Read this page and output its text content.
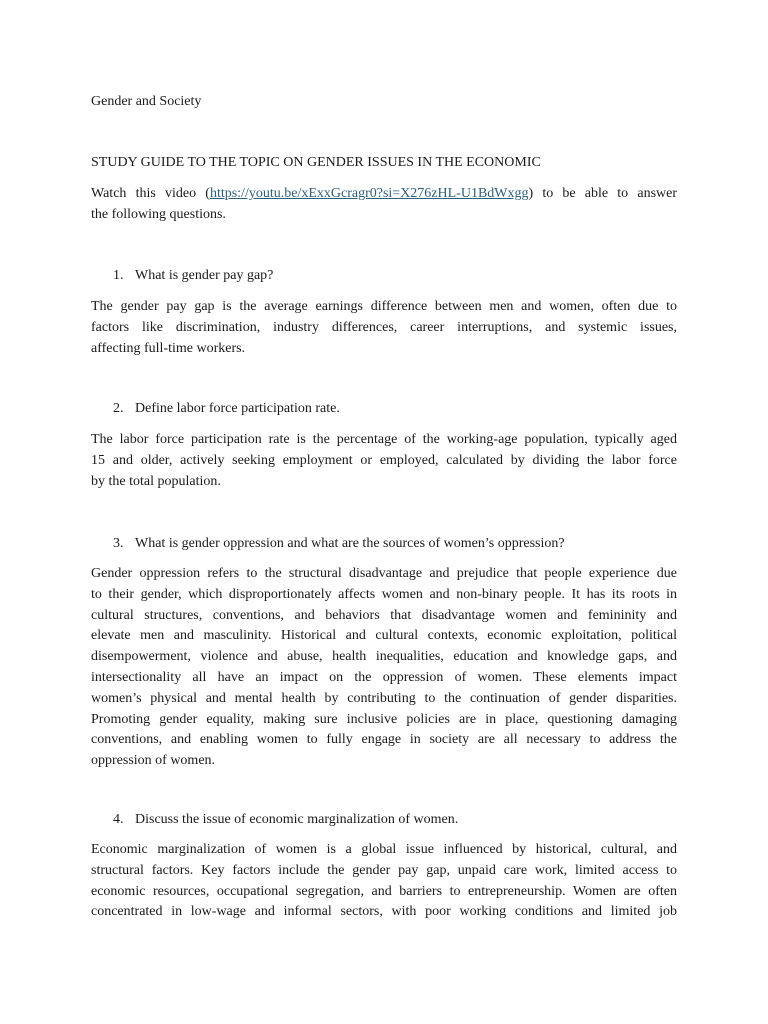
Gender and Society
STUDY GUIDE TO THE TOPIC ON GENDER ISSUES IN THE ECONOMIC
Watch this video (https://youtu.be/xExxGcragr0?si=X276zHL-U1BdWxgg) to be able to answer
the following questions.
1. What is gender pay gap?
The gender pay gap is the average earnings difference between men and women, often due to
factors like discrimination, industry differences, career interruptions, and systemic issues,
affecting full-time workers.
2. Define labor force participation rate.
The labor force participation rate is the percentage of the working-age population, typically aged
15 and older, actively seeking employment or employed, calculated by dividing the labor force
by the total population.
3. What is gender oppression and what are the sources of women’s oppression?
Gender oppression refers to the structural disadvantage and prejudice that people experience due
to their gender, which disproportionately affects women and non-binary people. It has its roots in
cultural structures, conventions, and behaviors that disadvantage women and femininity and
elevate men and masculinity. Historical and cultural contexts, economic exploitation, political
disempowerment, violence and abuse, health inequalities, education and knowledge gaps, and
intersectionality all have an impact on the oppression of women. These elements impact
women’s physical and mental health by contributing to the continuation of gender disparities.
Promoting gender equality, making sure inclusive policies are in place, questioning damaging
conventions, and enabling women to fully engage in society are all necessary to address the
oppression of women.
4. Discuss the issue of economic marginalization of women.
Economic marginalization of women is a global issue influenced by historical, cultural, and
structural factors. Key factors include the gender pay gap, unpaid care work, limited access to
economic resources, occupational segregation, and barriers to entrepreneurship. Women are often
concentrated in low-wage and informal sectors, with poor working conditions and limited job
